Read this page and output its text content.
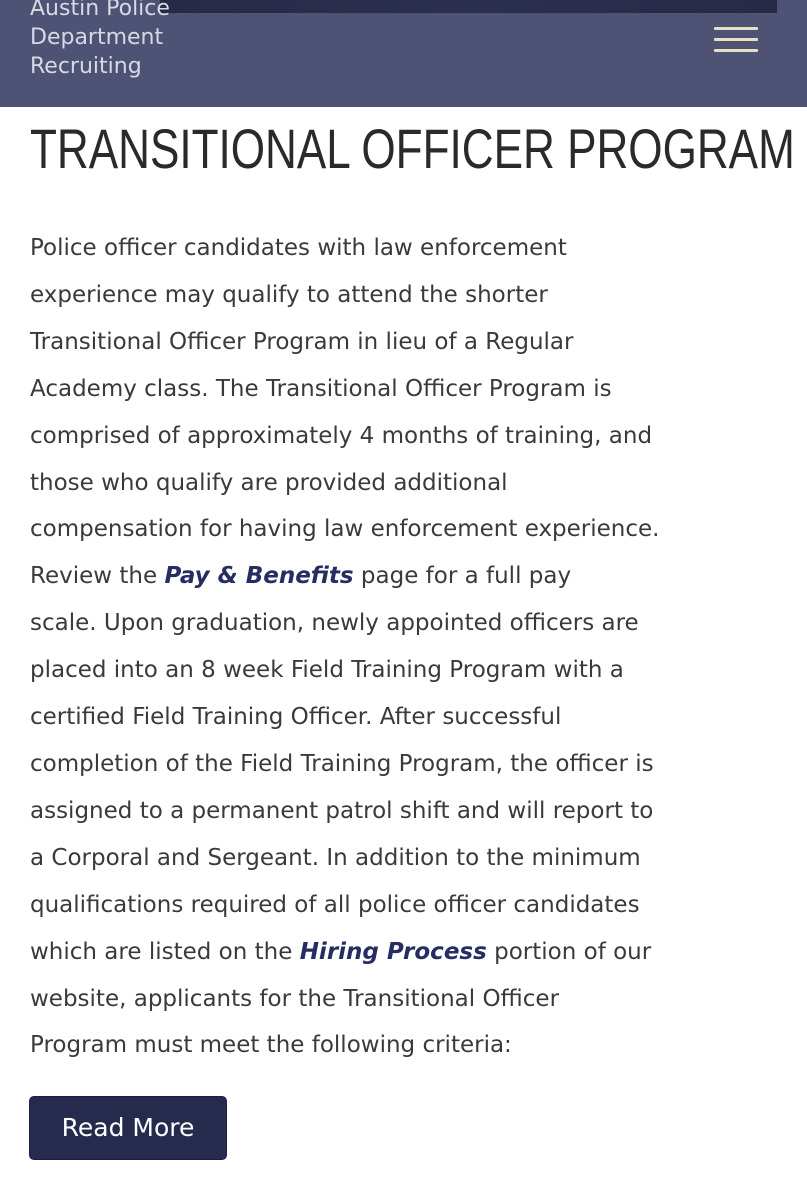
Austin Police
Department
Recruiting
TRANSITIONAL OFFICER PROGRAM
Police officer candidates with law enforcement
experience may qualify to attend the shorter
Transitional Officer Program in lieu of a Regular
Academy class. The Transitional Officer Program is
comprised of approximately 4 months of training, and
those who qualify are provided additional
compensation for having law enforcement experience.
Review the Pay & Benefits page for a full pay
scale. Upon graduation, newly appointed officers are
placed into an 8 week Field Training Program with a
certified Field Training Officer. After successful
completion of the Field Training Program, the officer is
assigned to a permanent patrol shift and will report to
a Corporal and Sergeant. In addition to the minimum
qualifications required of all police officer candidates
which are listed on the Hiring Process portion of our
website, applicants for the Transitional Officer
Program must meet the following criteria:
Read More
